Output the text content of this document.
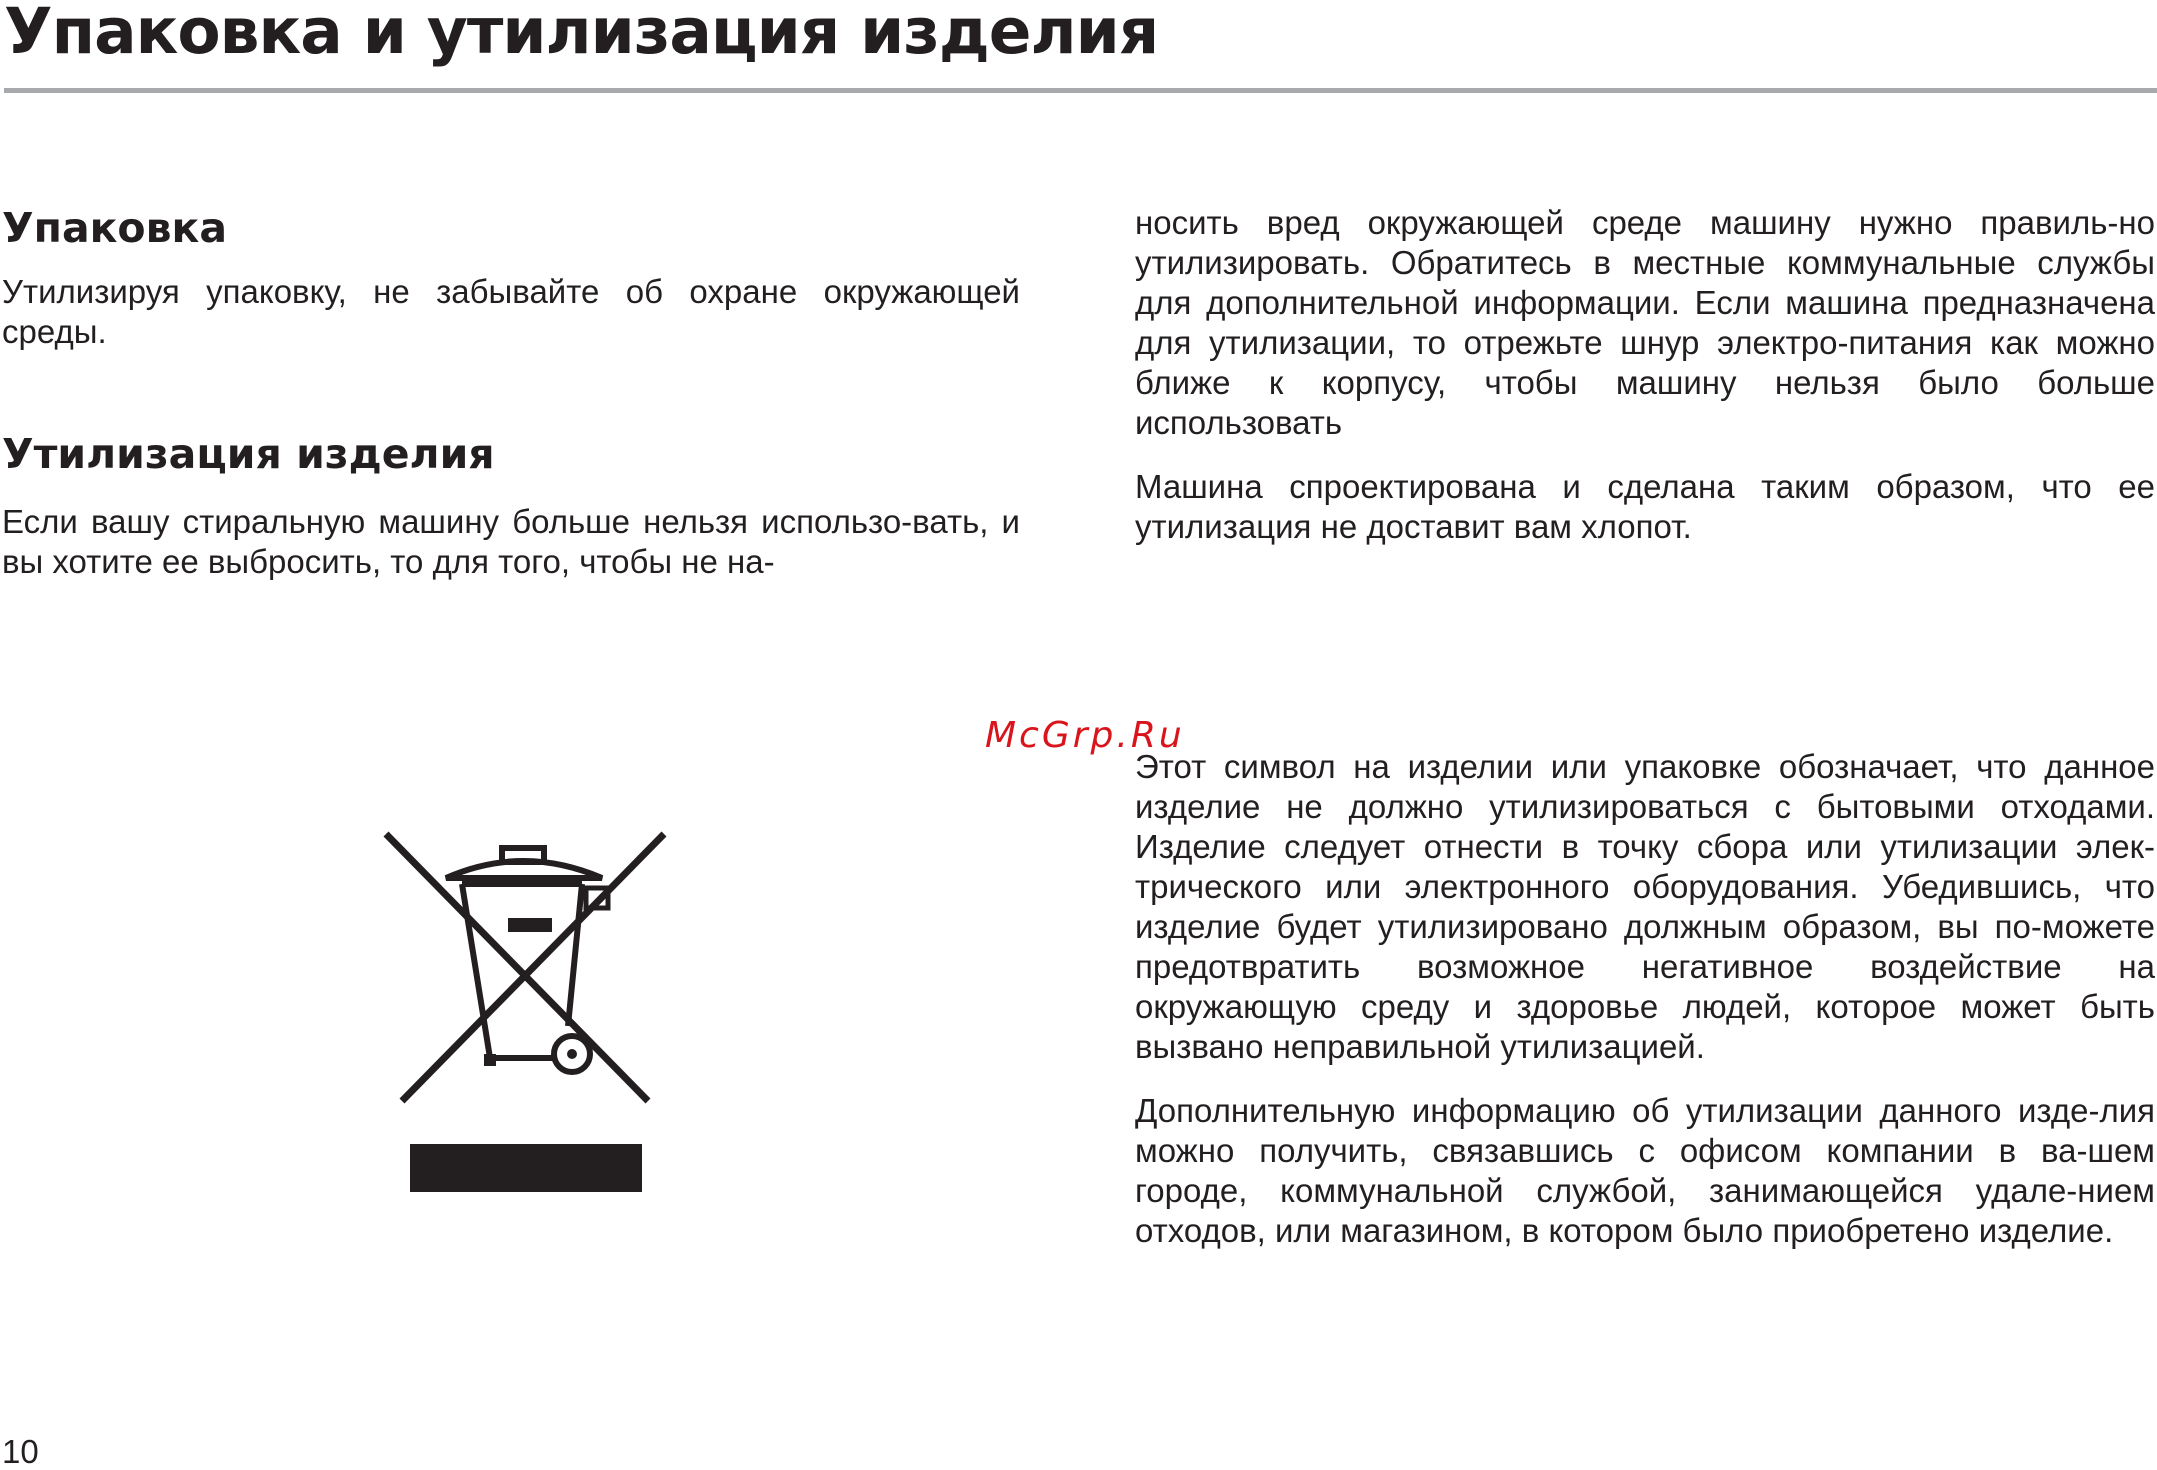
Упаковка и утилизация изделия
Упаковка

Утилизируя упаковку, не забывайте об охране окружающей среды.

Утилизация изделия

Если вашу стиральную машину больше нельзя использо-вать, и вы хотите ее выбросить, то для того, чтобы не на-

носить вред окружающей среде машину нужно правиль-но утилизировать. Обратитесь в местные коммунальные службы для дополнительной информации. Если машина предназначена для утилизации, то отрежьте шнур электро-питания как можно ближе к корпусу, чтобы машину нельзя было больше использовать

Машина спроектирована и сделана таким образом, что ее утилизация не доставит вам хлопот.

McGrp.Ru

Этот символ на изделии или упаковке обозначает, что данное изделие не должно утилизироваться с бытовыми отходами. Изделие следует отнести в точку сбора или утилизации элек-трического или электронного оборудования. Убедившись, что изделие будет утилизировано должным образом, вы по-можете предотвратить возможное негативное воздействие на окружающую среду и здоровье людей, которое может быть вызвано неправильной утилизацией.

Дополнительную информацию об утилизации данного изде-лия можно получить, связавшись с офисом компании в ва-шем городе, коммунальной службой, занимающейся удале-нием отходов, или магазином, в котором было приобретено изделие.

10
